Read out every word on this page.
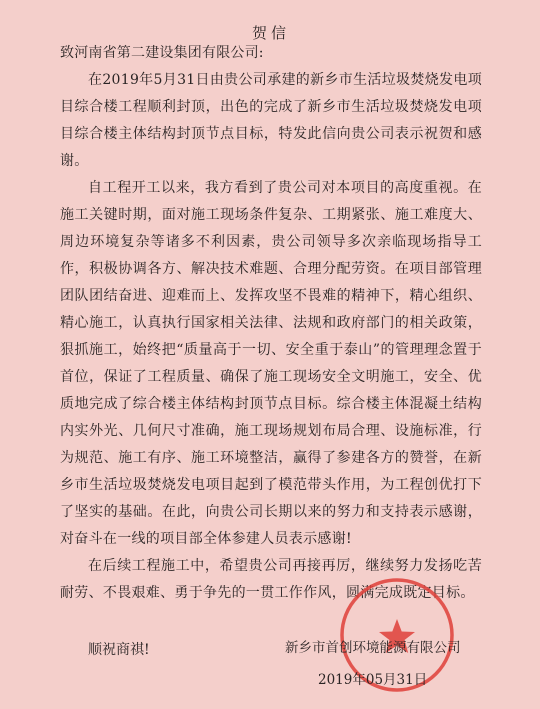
贺信

致河南省第二建设集团有限公司:

在2019年5月31日由贵公司承建的新乡市生活垃圾焚烧发电项目综合楼工程顺利封顶，出色的完成了新乡市生活垃圾焚烧发电项目综合楼主体结构封顶节点目标，特发此信向贵公司表示祝贺和感谢。

自工程开工以来，我方看到了贵公司对本项目的高度重视。在施工关键时期，面对施工现场条件复杂、工期紧张、施工难度大、周边环境复杂等诸多不利因素，贵公司领导多次亲临现场指导工作，积极协调各方、解决技术难题、合理分配劳资。在项目部管理团队团结奋进、迎难而上、发挥攻坚不畏难的精神下，精心组织、精心施工，认真执行国家相关法律、法规和政府部门的相关政策，狠抓施工，始终把“质量高于一切、安全重于泰山”的管理理念置于首位，保证了工程质量、确保了施工现场安全文明施工，安全、优质地完成了综合楼主体结构封顶节点目标。综合楼主体混凝土结构内实外光、几何尺寸准确，施工现场规划布局合理、设施标准，行为规范、施工有序、施工环境整洁，赢得了参建各方的赞誉，在新乡市生活垃圾焚烧发电项目起到了模范带头作用，为工程创优打下了坚实的基础。在此，向贵公司长期以来的努力和支持表示感谢，对奋斗在一线的项目部全体参建人员表示感谢!

在后续工程施工中，希望贵公司再接再厉，继续努力发扬吃苦耐劳、不畏艰难、勇于争先的一贯工作作风，圆满完成既定目标。

顺祝商祺!	新乡市首创环境能源有限公司
2019年05月31日
